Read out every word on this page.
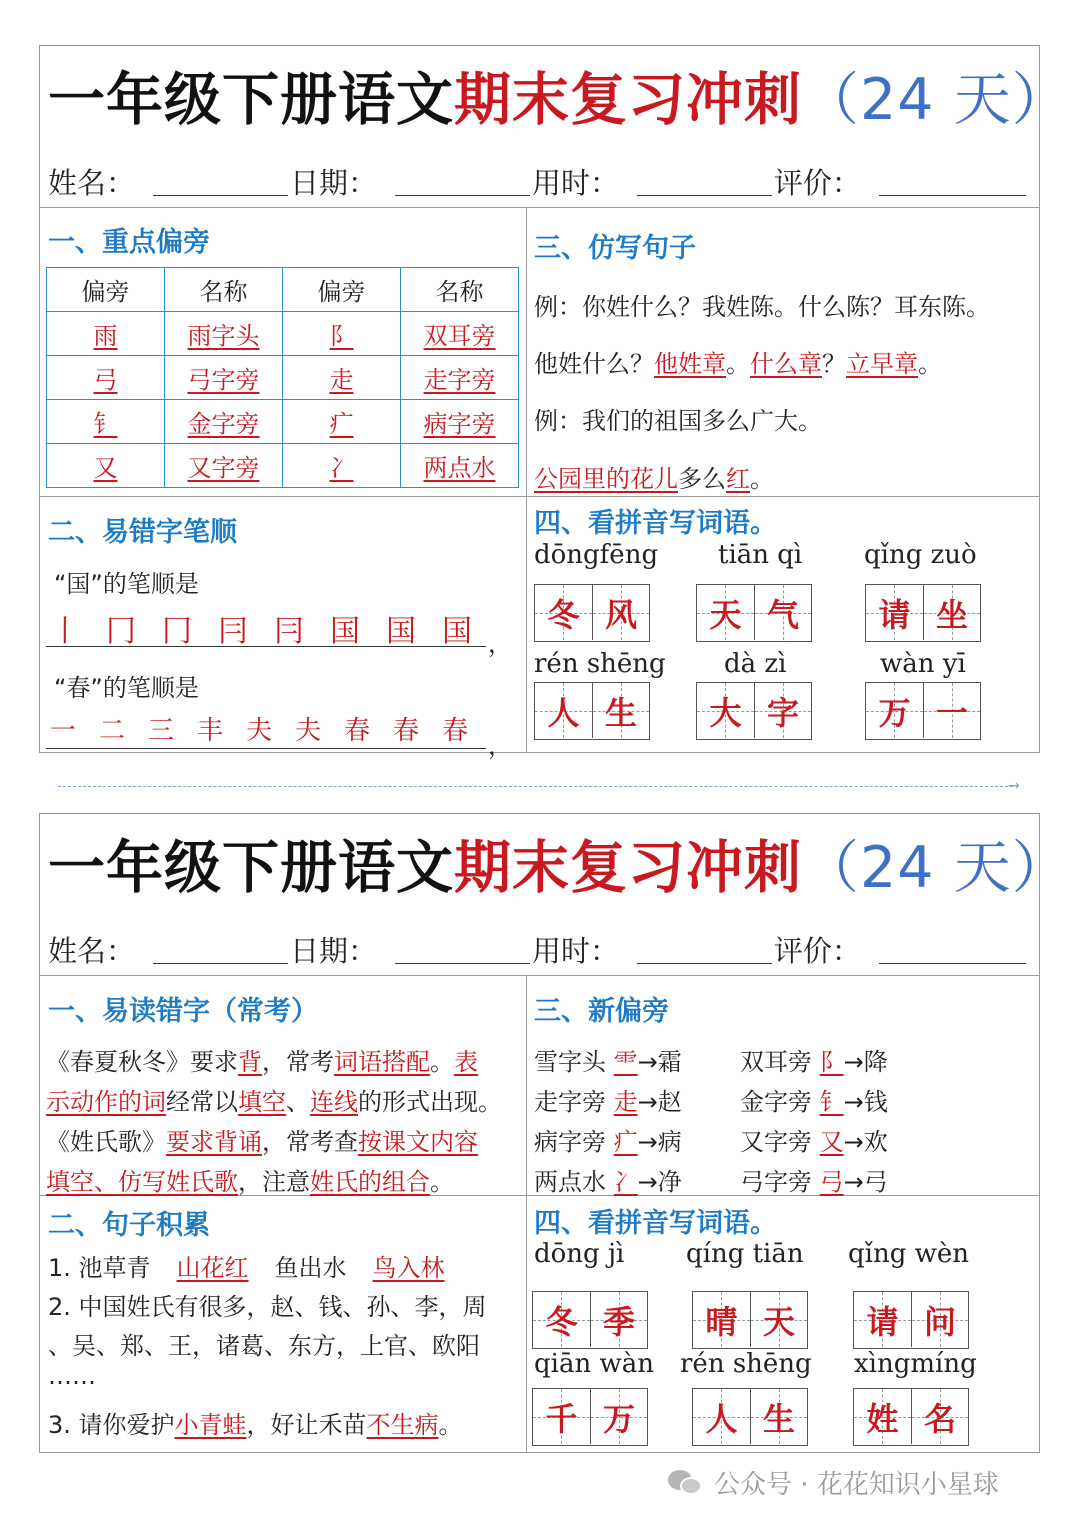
一年级下册语文期末复习冲刺（24 天）
姓名：	日期：	用时：	评价：
一、重点偏旁
偏旁	名称	偏旁	名称
雨	雨字头	阝	双耳旁
弓	弓字旁	走	走字旁
钅	金字旁	疒	病字旁
又	又字旁	冫	两点水
二、易错字笔顺
“国”的笔顺是
丨 冂 冂 冃 冃 国 国 国 ，
“春”的笔顺是
一 二 三 丰 夫 夫 春 春 春 ，
三、仿写句子
例：你姓什么？我姓陈。什么陈？耳东陈。
他姓什么？他姓章。什么章？立早章。
例：我们的祖国多么广大。
公园里的花儿多么红。
四、看拼音写词语。
dōngfēng tiān qì qǐng zuò
冬 风 天 气 请 坐
rén shēng dà zì	wàn yī
人 生 大 字 万 一
→
一年级下册语文期末复习冲刺（24 天）
姓名：	日期：	用时：	评价：
一、易读错字（常考）
《春夏秋冬》要求背，常考词语搭配。表
示动作的词经常以填空、连线的形式出现。
《姓氏歌》要求背诵，常考查按课文内容
填空、仿写姓氏歌，注意姓氏的组合。
二、句子积累
1. 池草青 山花红 鱼出水 鸟入林
2. 中国姓氏有很多，赵、钱、孙、李，周
、吴、郑、王，诸葛、东方，上官、欧阳
……
3. 请你爱护小青蛙，好让禾苗不生病。
三、新偏旁
雪字头 ⻗→霜 双耳旁 阝→降
走字旁 走→赵 金字旁 钅→钱
病字旁 疒→病 又字旁 又→欢
两点水 冫→净 弓字旁 弓→弓
四、看拼音写词语。
dōng jì qíng tiān qǐng wèn
冬 季 晴 天 请 问
qiān wàn rén shēng xìngmíng
千 万 人 生 姓 名
公众号 · 花花知识小星球
